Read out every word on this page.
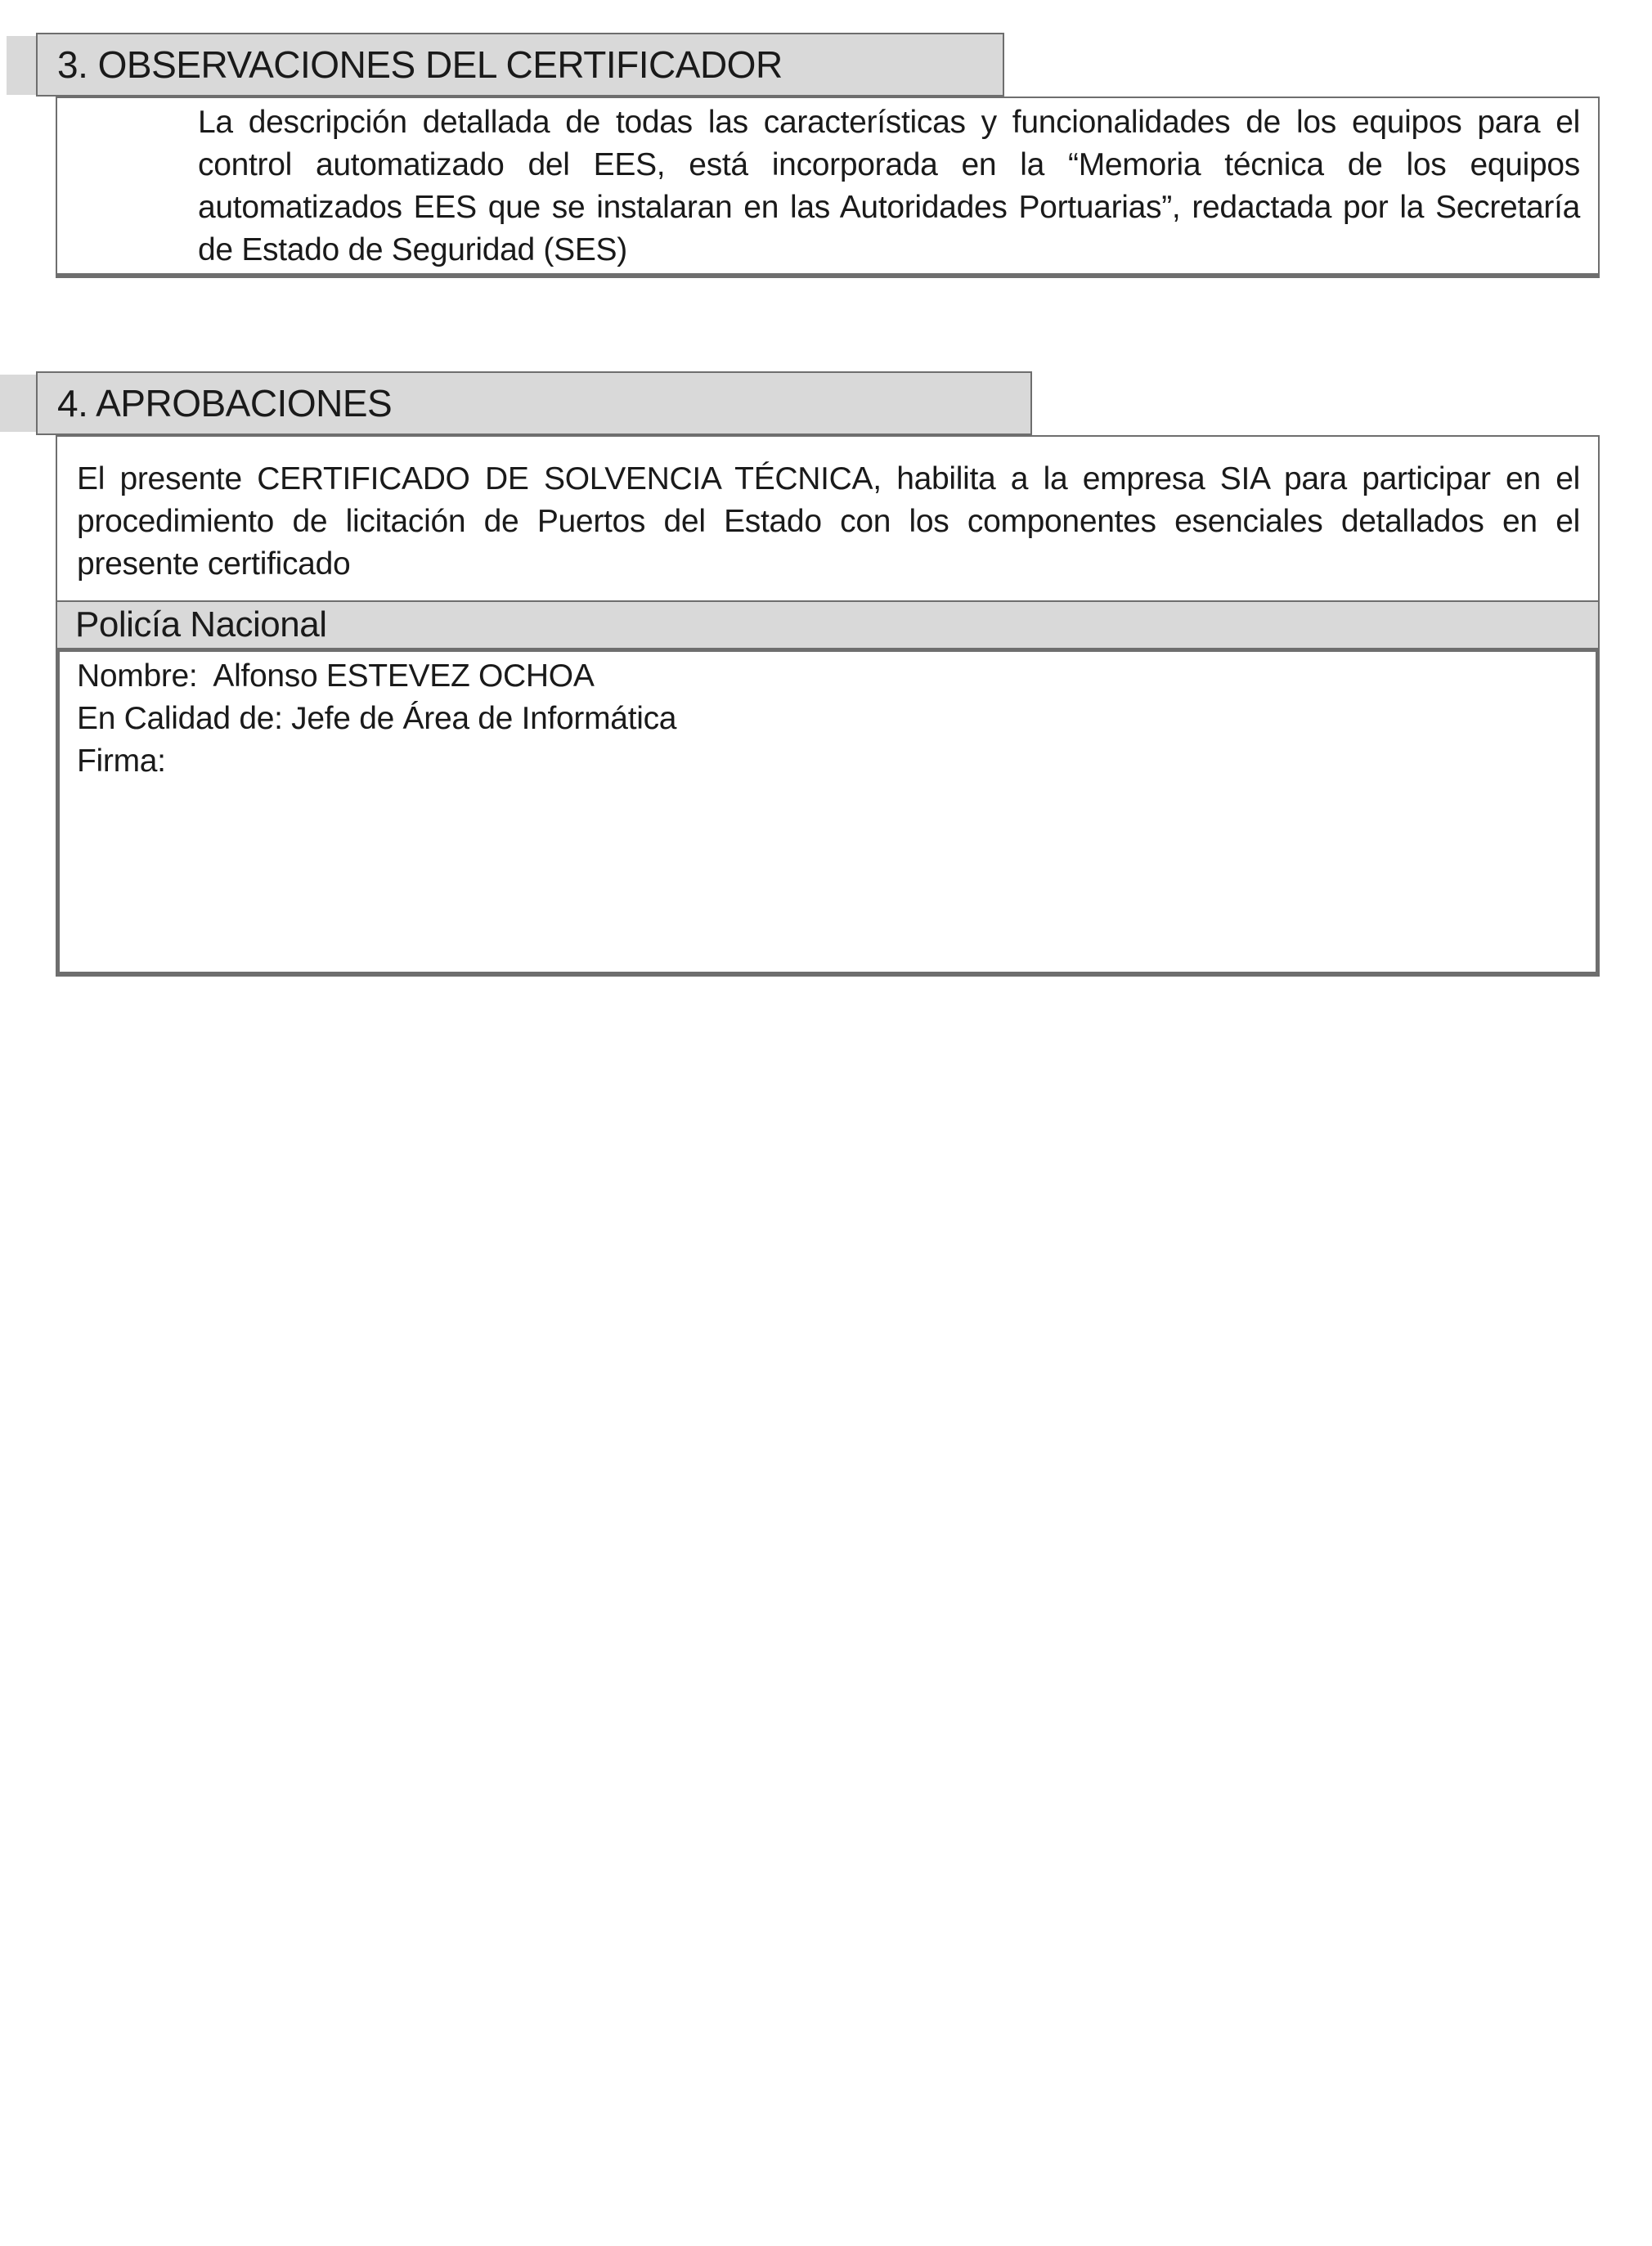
3. OBSERVACIONES DEL CERTIFICADOR
La descripción detallada de todas las características y funcionalidades de los equipos para el control automatizado del EES, está incorporada en la “Memoria técnica de los equipos automatizados EES que se instalaran en las Autoridades Portuarias”, redactada por la Secretaría de Estado de Seguridad (SES)
4. APROBACIONES
El presente CERTIFICADO DE SOLVENCIA TÉCNICA, habilita a la empresa SIA para participar en el procedimiento de licitación de Puertos del Estado con los componentes esenciales detallados en el presente certificado
Policía Nacional
Nombre:  Alfonso ESTEVEZ OCHOA
En Calidad de: Jefe de Área de Informática
Firma:
